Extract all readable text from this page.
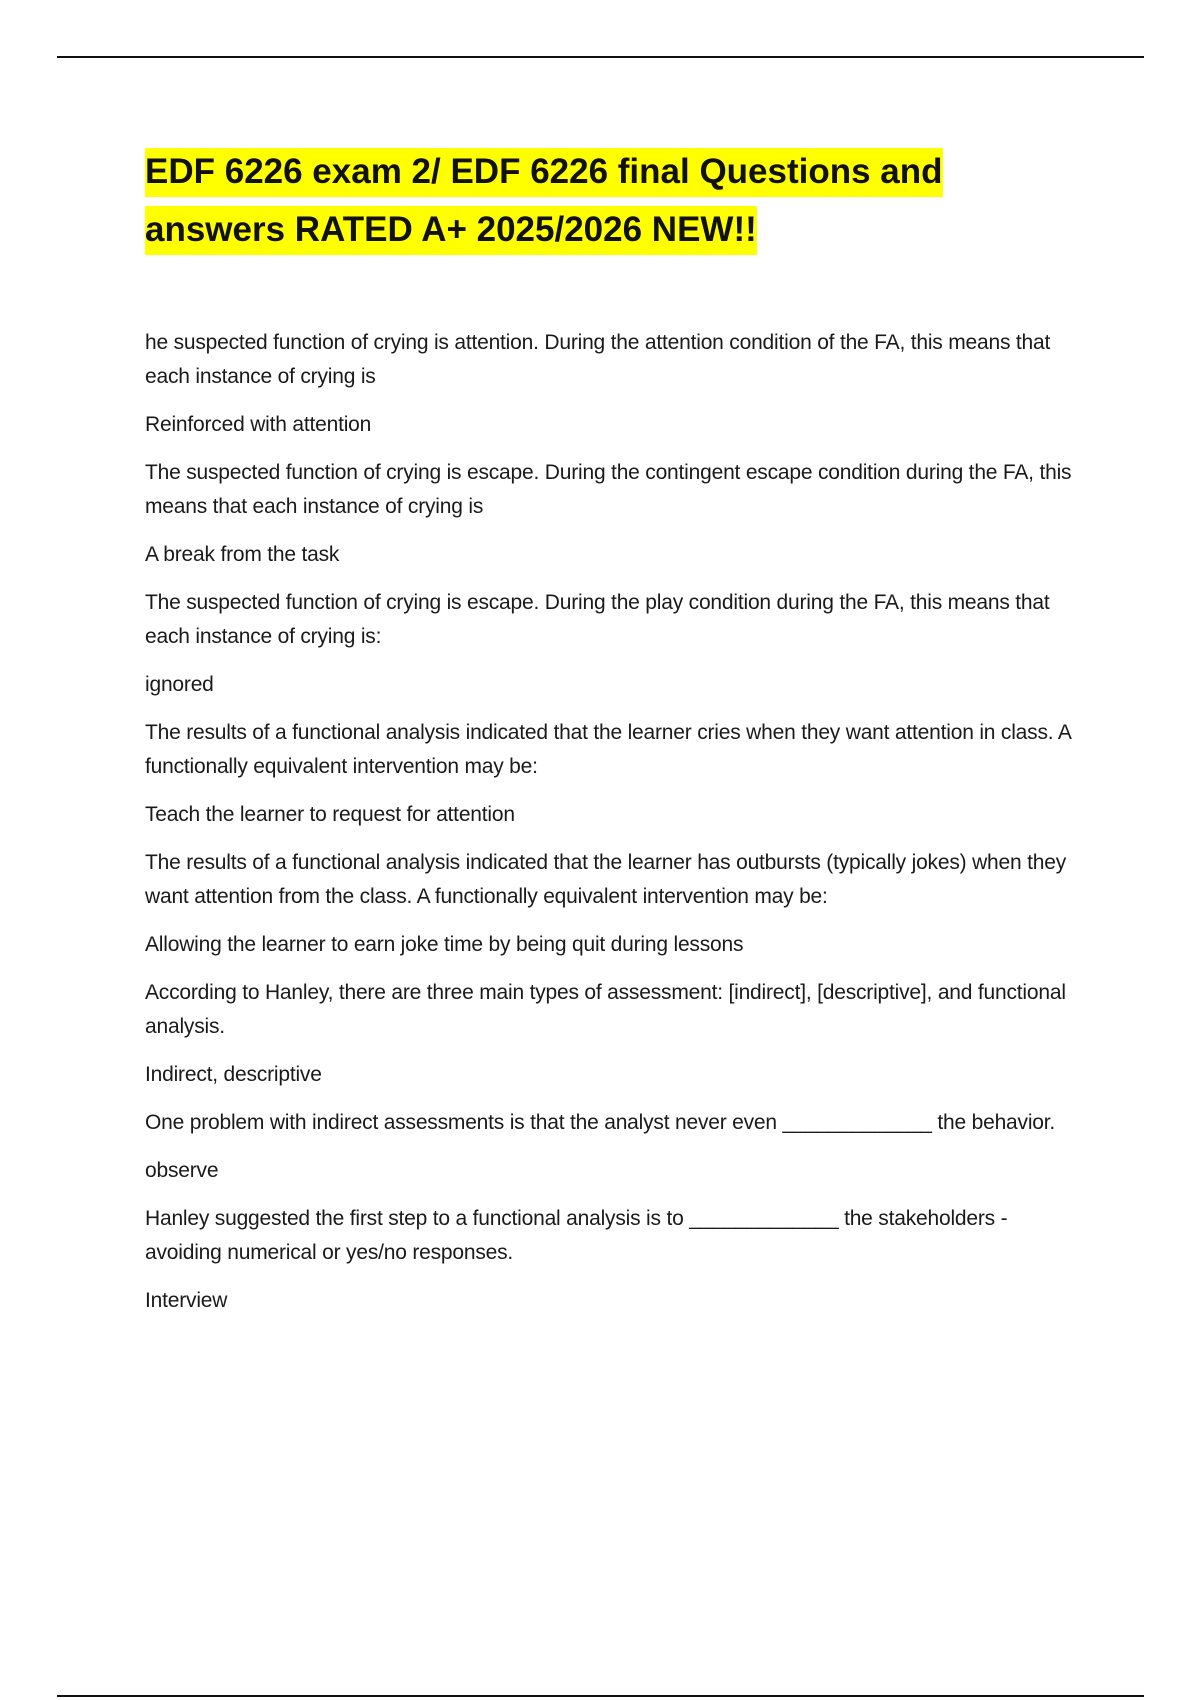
EDF 6226 exam 2/ EDF 6226 final Questions and
answers RATED A+ 2025/2026 NEW!!

he suspected function of crying is attention. During the attention condition of the FA, this means that each instance of crying is

Reinforced with attention

The suspected function of crying is escape. During the contingent escape condition during the FA, this means that each instance of crying is

A break from the task

The suspected function of crying is escape. During the play condition during the FA, this means that each instance of crying is:

ignored

The results of a functional analysis indicated that the learner cries when they want attention in class. A functionally equivalent intervention may be:

Teach the learner to request for attention

The results of a functional analysis indicated that the learner has outbursts (typically jokes) when they want attention from the class. A functionally equivalent intervention may be:

Allowing the learner to earn joke time by being quit during lessons

According to Hanley, there are three main types of assessment: [indirect], [descriptive], and functional analysis.

Indirect, descriptive

One problem with indirect assessments is that the analyst never even _____________ the behavior.

observe

Hanley suggested the first step to a functional analysis is to _____________ the stakeholders - avoiding numerical or yes/no responses.

Interview
